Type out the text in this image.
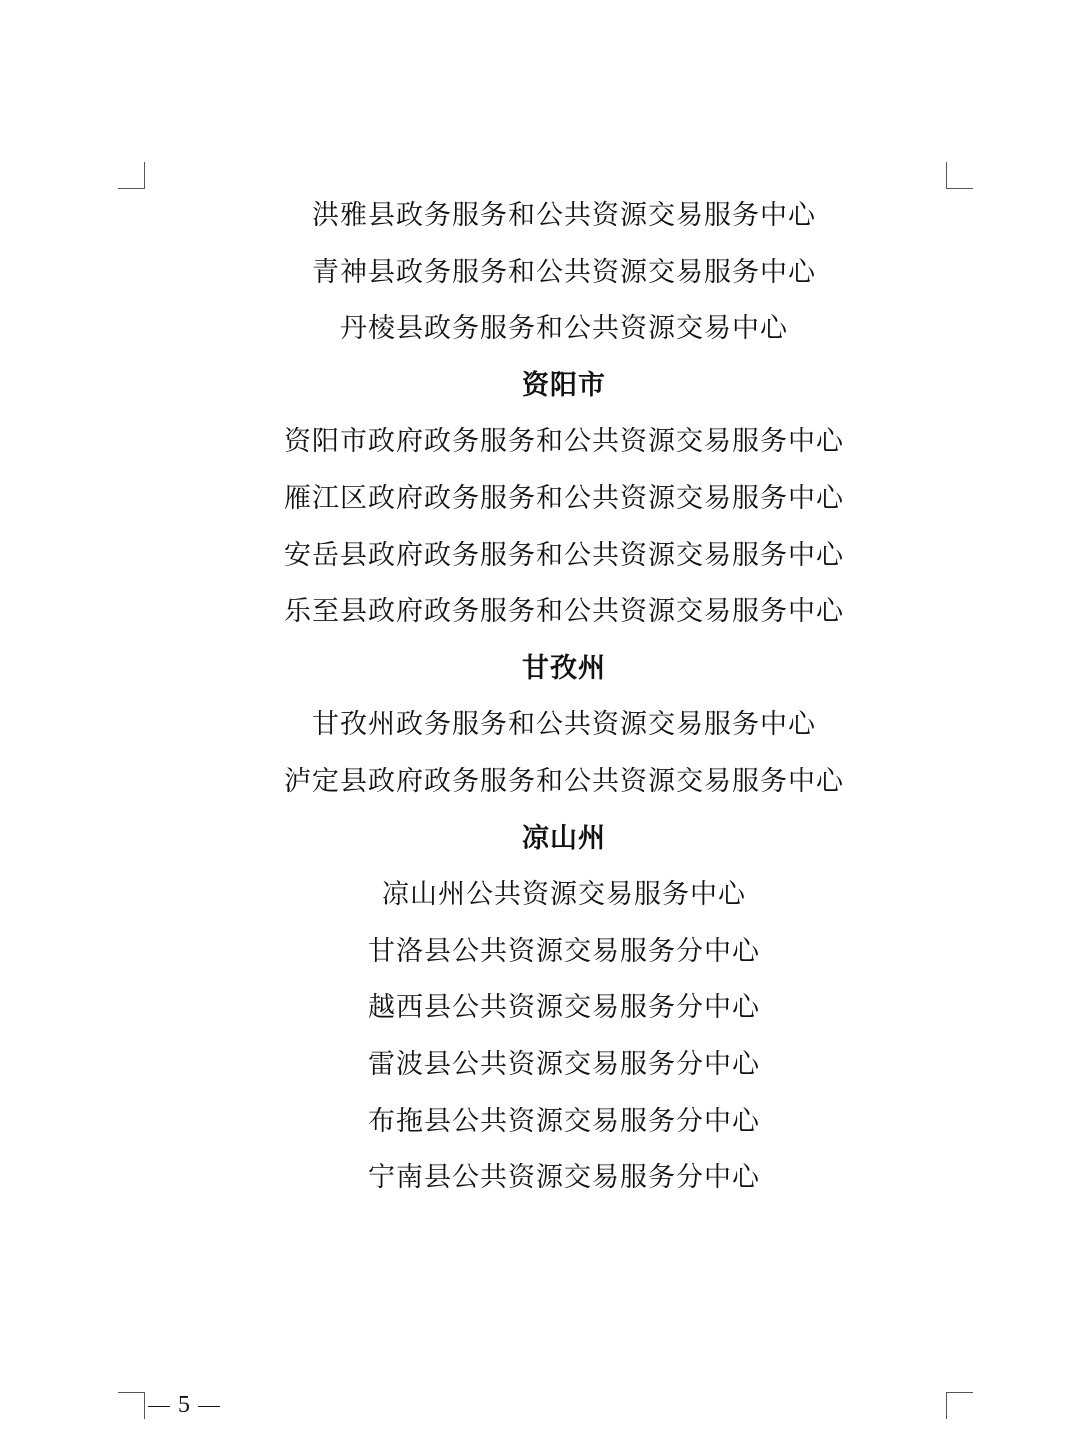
洪雅县政务服务和公共资源交易服务中心
青神县政务服务和公共资源交易服务中心
丹棱县政务服务和公共资源交易中心
资阳市
资阳市政府政务服务和公共资源交易服务中心
雁江区政府政务服务和公共资源交易服务中心
安岳县政府政务服务和公共资源交易服务中心
乐至县政府政务服务和公共资源交易服务中心
甘孜州
甘孜州政务服务和公共资源交易服务中心
泸定县政府政务服务和公共资源交易服务中心
凉山州
凉山州公共资源交易服务中心
甘洛县公共资源交易服务分中心
越西县公共资源交易服务分中心
雷波县公共资源交易服务分中心
布拖县公共资源交易服务分中心
宁南县公共资源交易服务分中心
5
